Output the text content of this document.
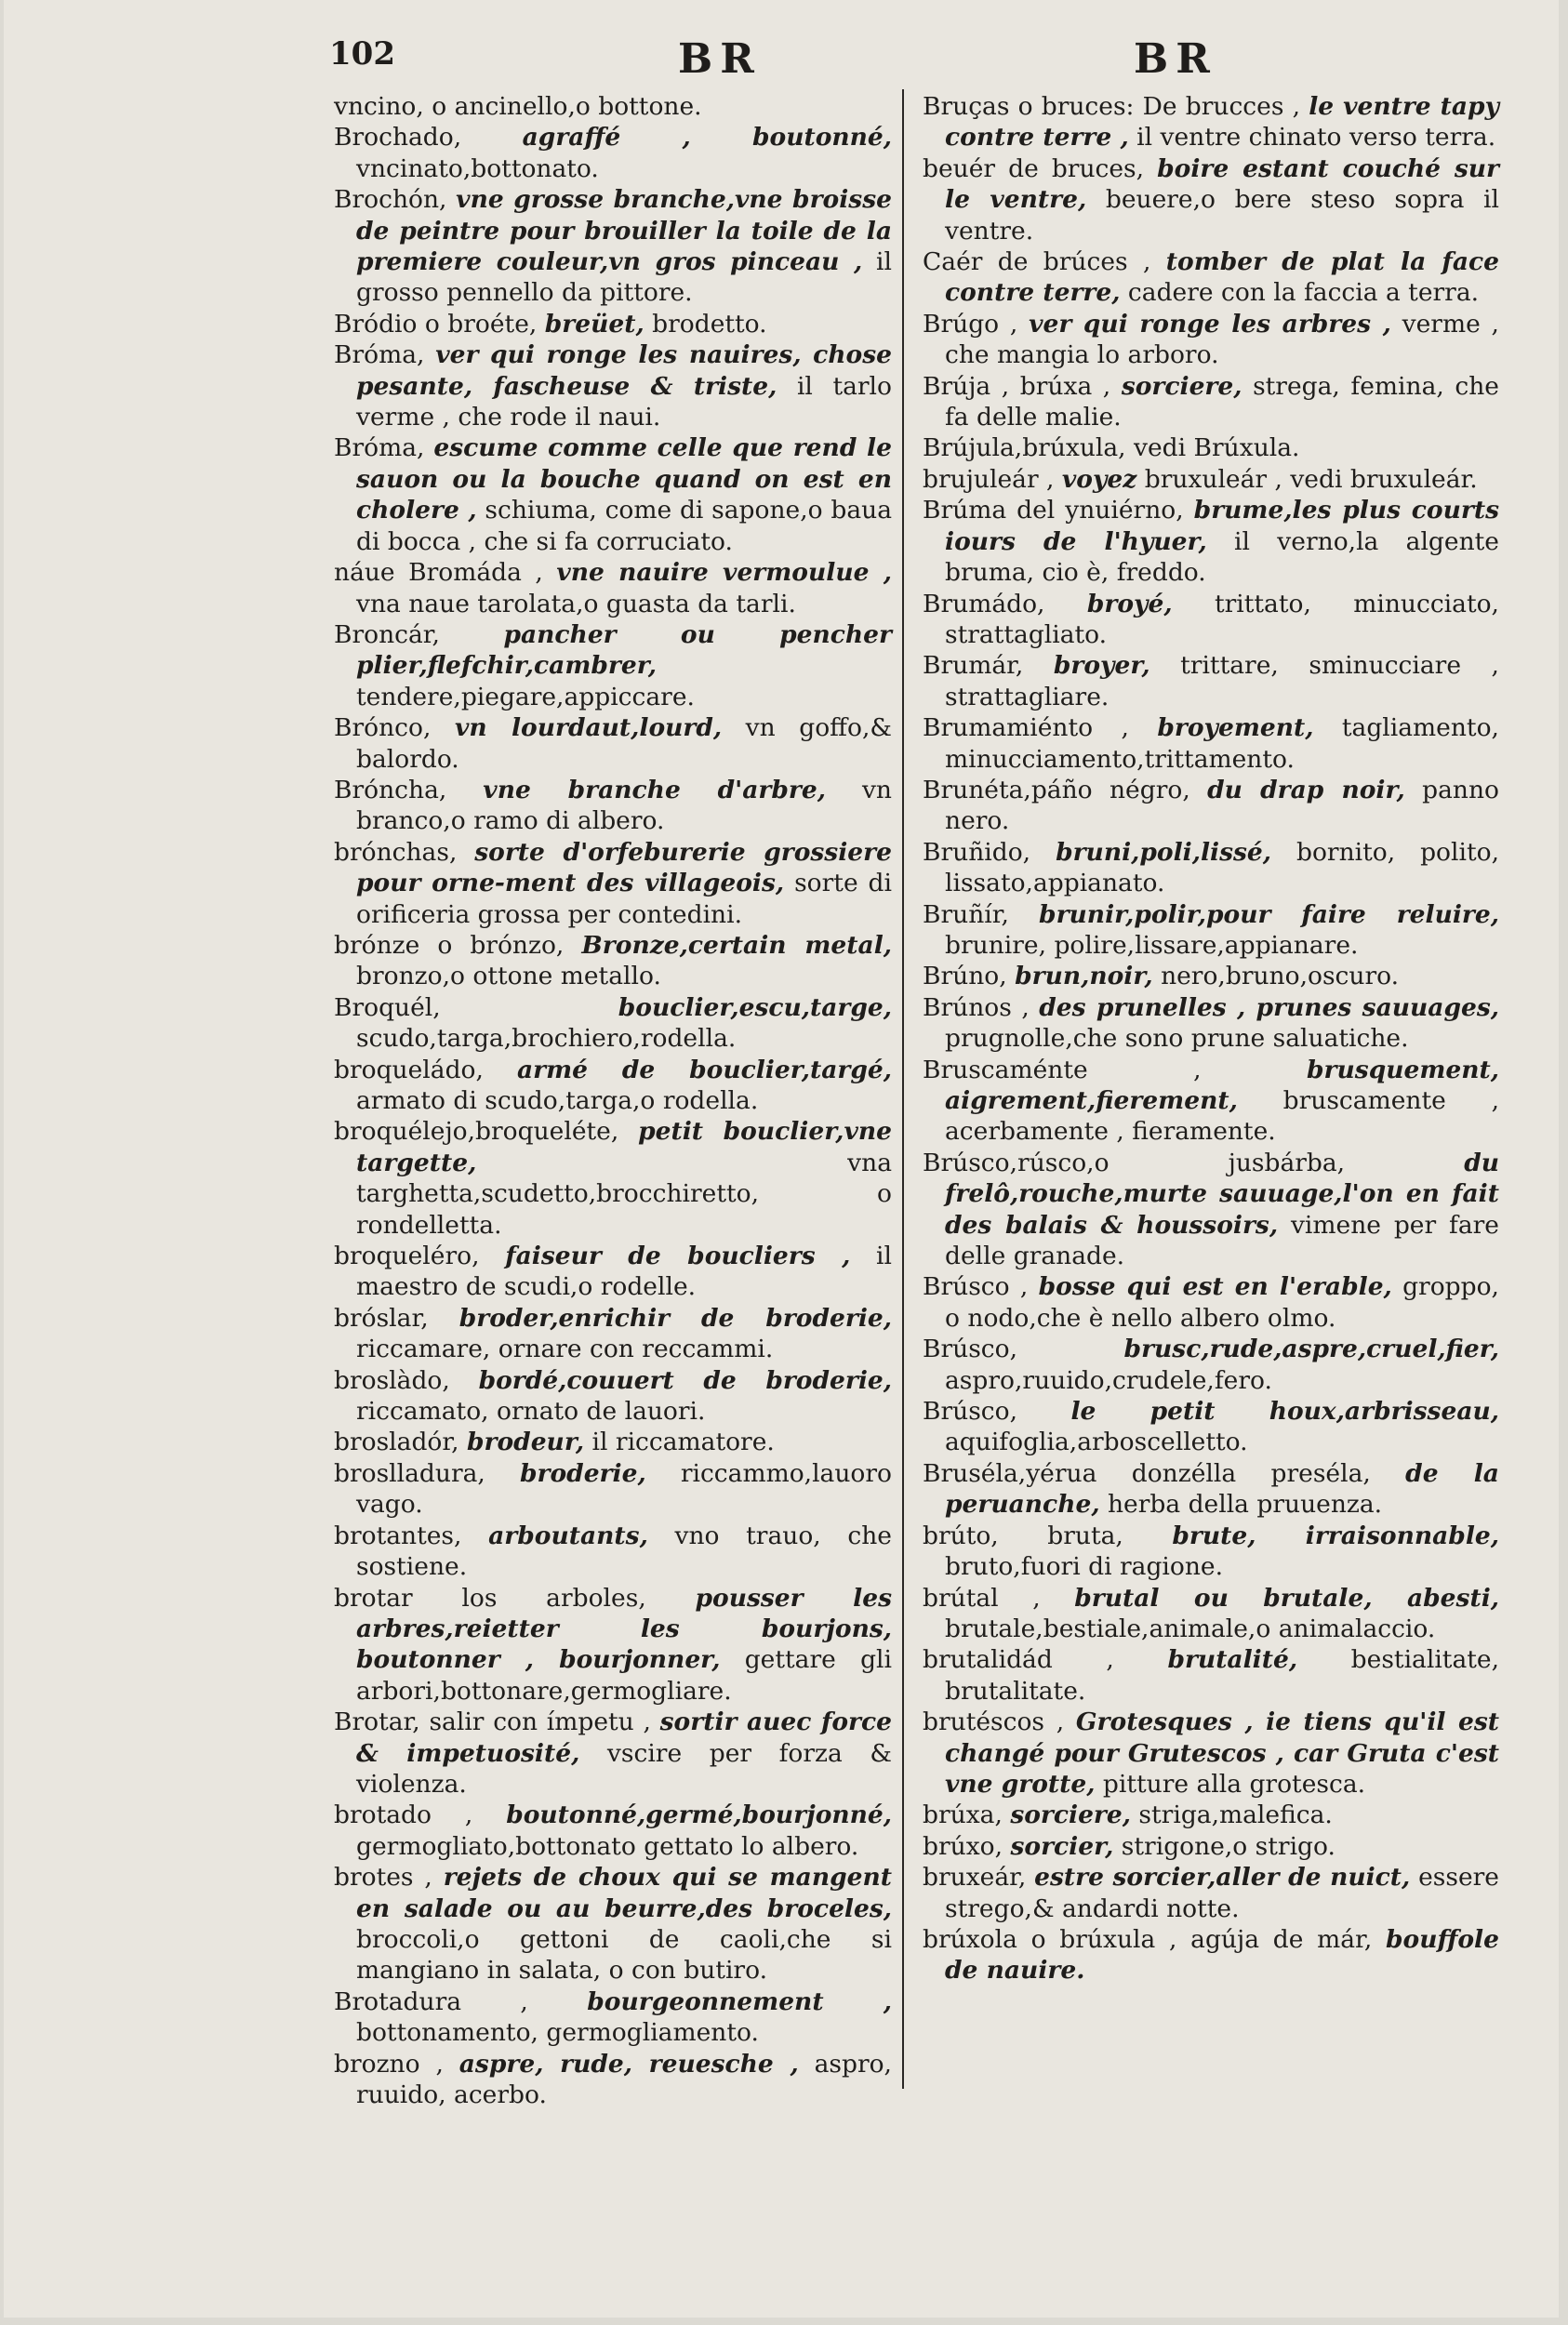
102	BR	BR
vncino, o ancinello,o bottone.
Brochado, agraffé , boutonné, vncinato,bottonato.
Brochón, vne grosse branche,vne broisse de peintre pour brouiller la toile de la premiere couleur,vn gros pinceau , il grosso pennello da pittore.
Bródio o broéte, breüet, brodetto.
Bróma, ver qui ronge les nauires, chose pesante, fascheuse & triste, il tarlo verme , che rode il naui.
Bróma, escume comme celle que rend le sauon ou la bouche quand on est en cholere , schiuma, come di sapone,o baua di bocca , che si fa corruciato.
náue Bromáda , vne nauire vermoulue , vna naue tarolata,o guasta da tarli.
Broncár,	pancher ou pencher plier,flefchir,cambrer, tendere,piegare,appiccare.
Brónco, vn lourdaut,lourd, vn goffo,& balordo.
Bróncha, vne branche d'arbre, vn branco,o ramo di albero.
brónchas, sorte d'orfeburerie grossiere pour orne-ment des villageois, sorte di orificeria grossa per contedini.
brónze o brónzo, Bronze,certain metal, bronzo,o ottone metallo.
Broquél,	bouclier,escu,targe, scudo,targa,brochiero,rodella.
broqueládo, armé de bouclier,targé, armato di scudo,targa,o rodella.
broquélejo,broqueléte, petit bouclier,vne targette,	vna targhetta,scudetto,brocchiretto, o rondelletta.
broqueléro, faiseur de boucliers , il maestro de scudi,o rodelle.
bróslar, broder,enrichir de broderie, riccamare, ornare con reccammi.
broslàdo, bordé,couuert de broderie, riccamato, ornato de lauori.
brosladór, brodeur, il riccamatore.
broslladura, broderie, riccammo,lauoro vago.
brotantes, arboutants, vno trauo, che sostiene.
brotar los arboles, pousser les arbres,reietter les bourjons, boutonner , bourjonner, gettare gli arbori,bottonare,germogliare.
Brotar, salir con ímpetu , sortir auec force & impetuosité, vscire per forza & violenza.
brotado , boutonné,germé,bourjonné, germogliato,bottonato gettato lo albero.
brotes , rejets de choux qui se mangent en salade ou au beurre,des broceles, broccoli,o gettoni de caoli,che si mangiano in salata, o con butiro.
Brotadura , bourgeonnement , bottonamento, germogliamento.
brozno , aspre, rude, reuesche , aspro, ruuido, acerbo.
Bruças o bruces: De brucces , le ventre tapy contre terre , il ventre chinato verso terra.
beuér de bruces, boire estant couché sur le ventre, beuere,o bere steso sopra il ventre.
Caér de brúces , tomber de plat la face contre terre, cadere con la faccia a terra.
Brúgo , ver qui ronge les arbres , verme , che mangia lo arboro.
Brúja , brúxa , sorciere, strega, femina, che fa delle malie.
Brújula,brúxula, vedi Brúxula.
brujuleár , voyez bruxuleár , vedi bruxuleár.
Brúma del ynuiérno, brume,les plus courts iours de l'hyuer, il verno,la algente bruma, cio è, freddo.
Brumádo, broyé, trittato, minucciato, strattagliato.
Brumár, broyer, trittare, sminucciare , strattagliare.
Brumamiénto , broyement, tagliamento, minucciamento,trittamento.
Brunéta,páño négro, du drap noir, panno nero.
Bruñido, bruni,poli,lissé, bornito, polito, lissato,appianato.
Bruñír, brunir,polir,pour faire reluire, brunire, polire,lissare,appianare.
Brúno, brun,noir, nero,bruno,oscuro.
Brúnos , des prunelles , prunes sauuages, prugnolle,che sono prune saluatiche.
Bruscaménte ,	brusquement, aigrement,fierement, bruscamente , acerbamente , fieramente.
Brúsco,rúsco,o jusbárba,	du frelô,rouche,murte sauuage,l'on en fait des balais & houssoirs, vimene per fare delle granade.
Brúsco , bosse qui est en l'erable, groppo, o nodo,che è nello albero olmo.
Brúsco,	brusc,rude,aspre,cruel,fier, aspro,ruuido,crudele,fero.
Brúsco, le petit houx,arbrisseau, aquifoglia,arboscelletto.
Bruséla,yérua donzélla preséla, de la peruanche, herba della pruuenza.
brúto, bruta, brute, irraisonnable, bruto,fuori di ragione.
brútal , brutal ou brutale, abesti, brutale,bestiale,animale,o animalaccio.
brutalidád , brutalité, bestialitate, brutalitate.
brutéscos , Grotesques , ie tiens qu'il est changé pour Grutescos , car Gruta c'est vne grotte, pitture alla grotesca.
brúxa, sorciere, striga,malefica.
brúxo, sorcier, strigone,o strigo.
bruxeár, estre sorcier,aller de nuict, essere strego,& andardi notte.
brúxola o brúxula , agúja de már, bouffole de nauire.
